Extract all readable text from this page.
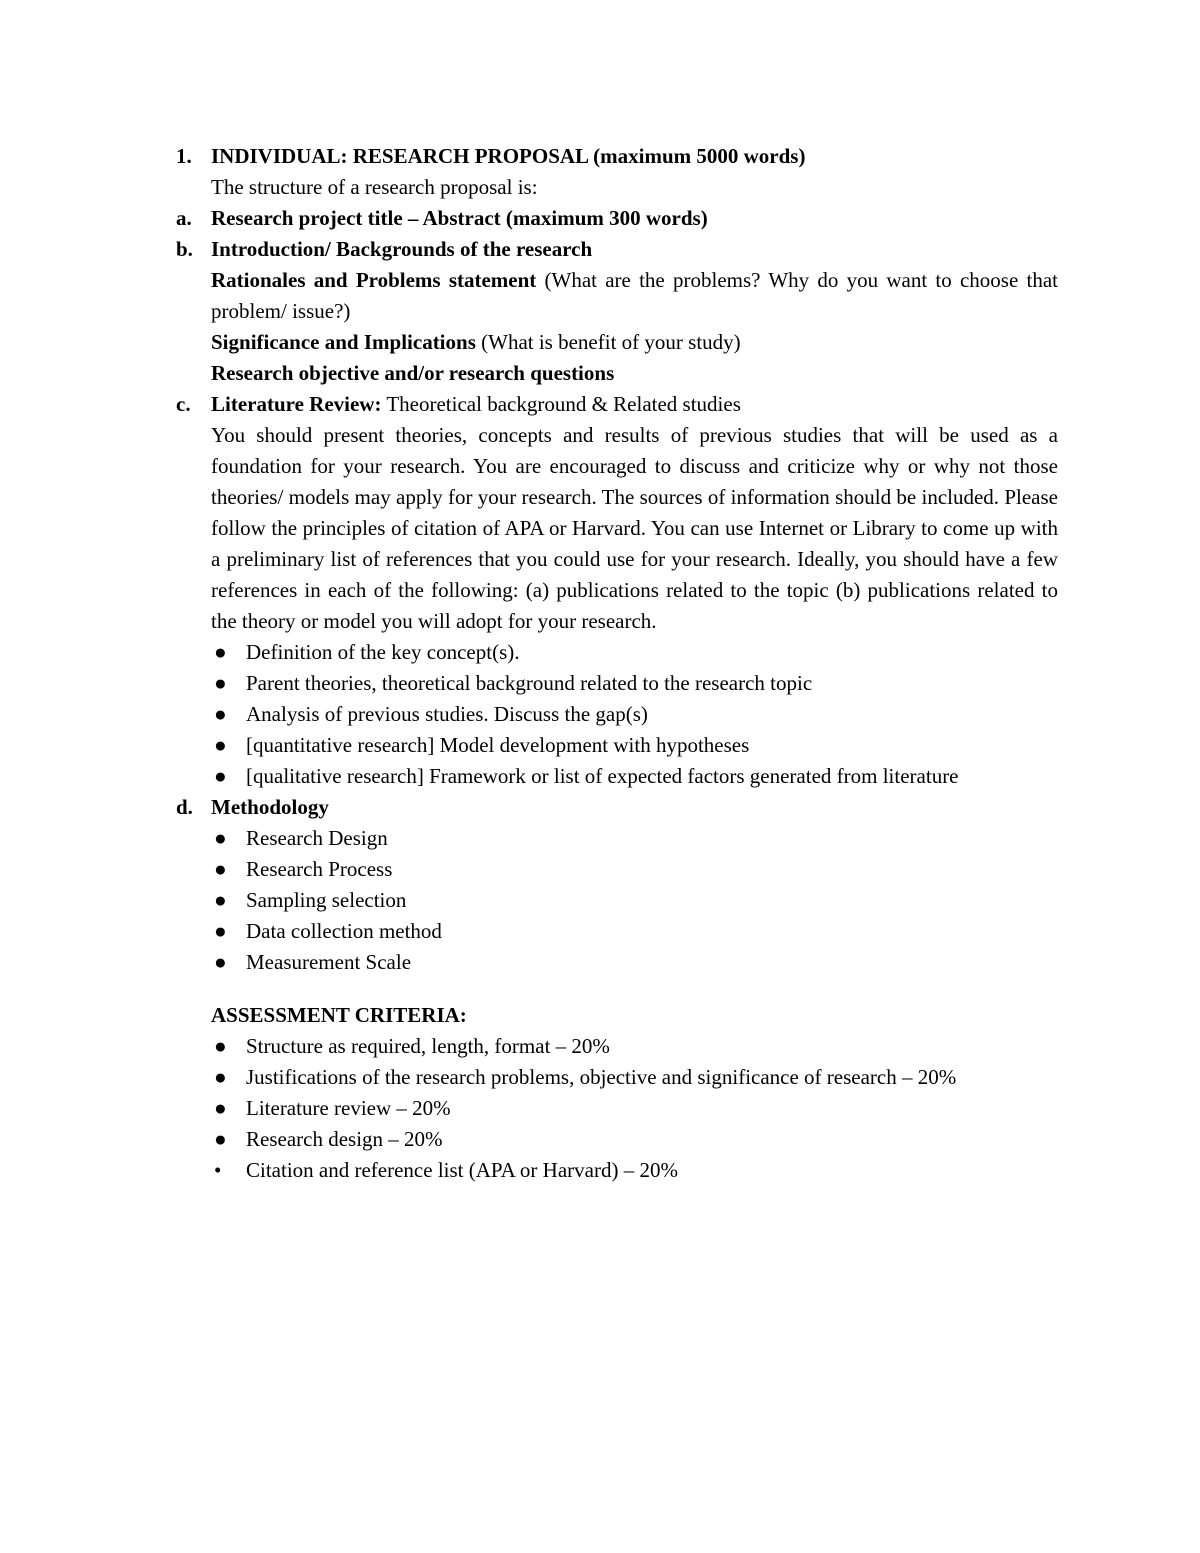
1. INDIVIDUAL: RESEARCH PROPOSAL (maximum 5000 words)
The structure of a research proposal is:
a. Research project title – Abstract (maximum 300 words)
b. Introduction/ Backgrounds of the research
Rationales and Problems statement (What are the problems? Why do you want to choose that problem/ issue?)
Significance and Implications (What is benefit of your study)
Research objective and/or research questions
c. Literature Review: Theoretical background & Related studies
You should present theories, concepts and results of previous studies that will be used as a foundation for your research. You are encouraged to discuss and criticize why or why not those theories/ models may apply for your research. The sources of information should be included. Please follow the principles of citation of APA or Harvard. You can use Internet or Library to come up with a preliminary list of references that you could use for your research. Ideally, you should have a few references in each of the following: (a) publications related to the topic (b) publications related to the theory or model you will adopt for your research.
● Definition of the key concept(s).
● Parent theories, theoretical background related to the research topic
● Analysis of previous studies. Discuss the gap(s)
● [quantitative research] Model development with hypotheses
● [qualitative research] Framework or list of expected factors generated from literature
d. Methodology
● Research Design
● Research Process
● Sampling selection
● Data collection method
● Measurement Scale
ASSESSMENT CRITERIA:
● Structure as required, length, format – 20%
● Justifications of the research problems, objective and significance of research – 20%
● Literature review – 20%
● Research design – 20%
• Citation and reference list (APA or Harvard) – 20%
